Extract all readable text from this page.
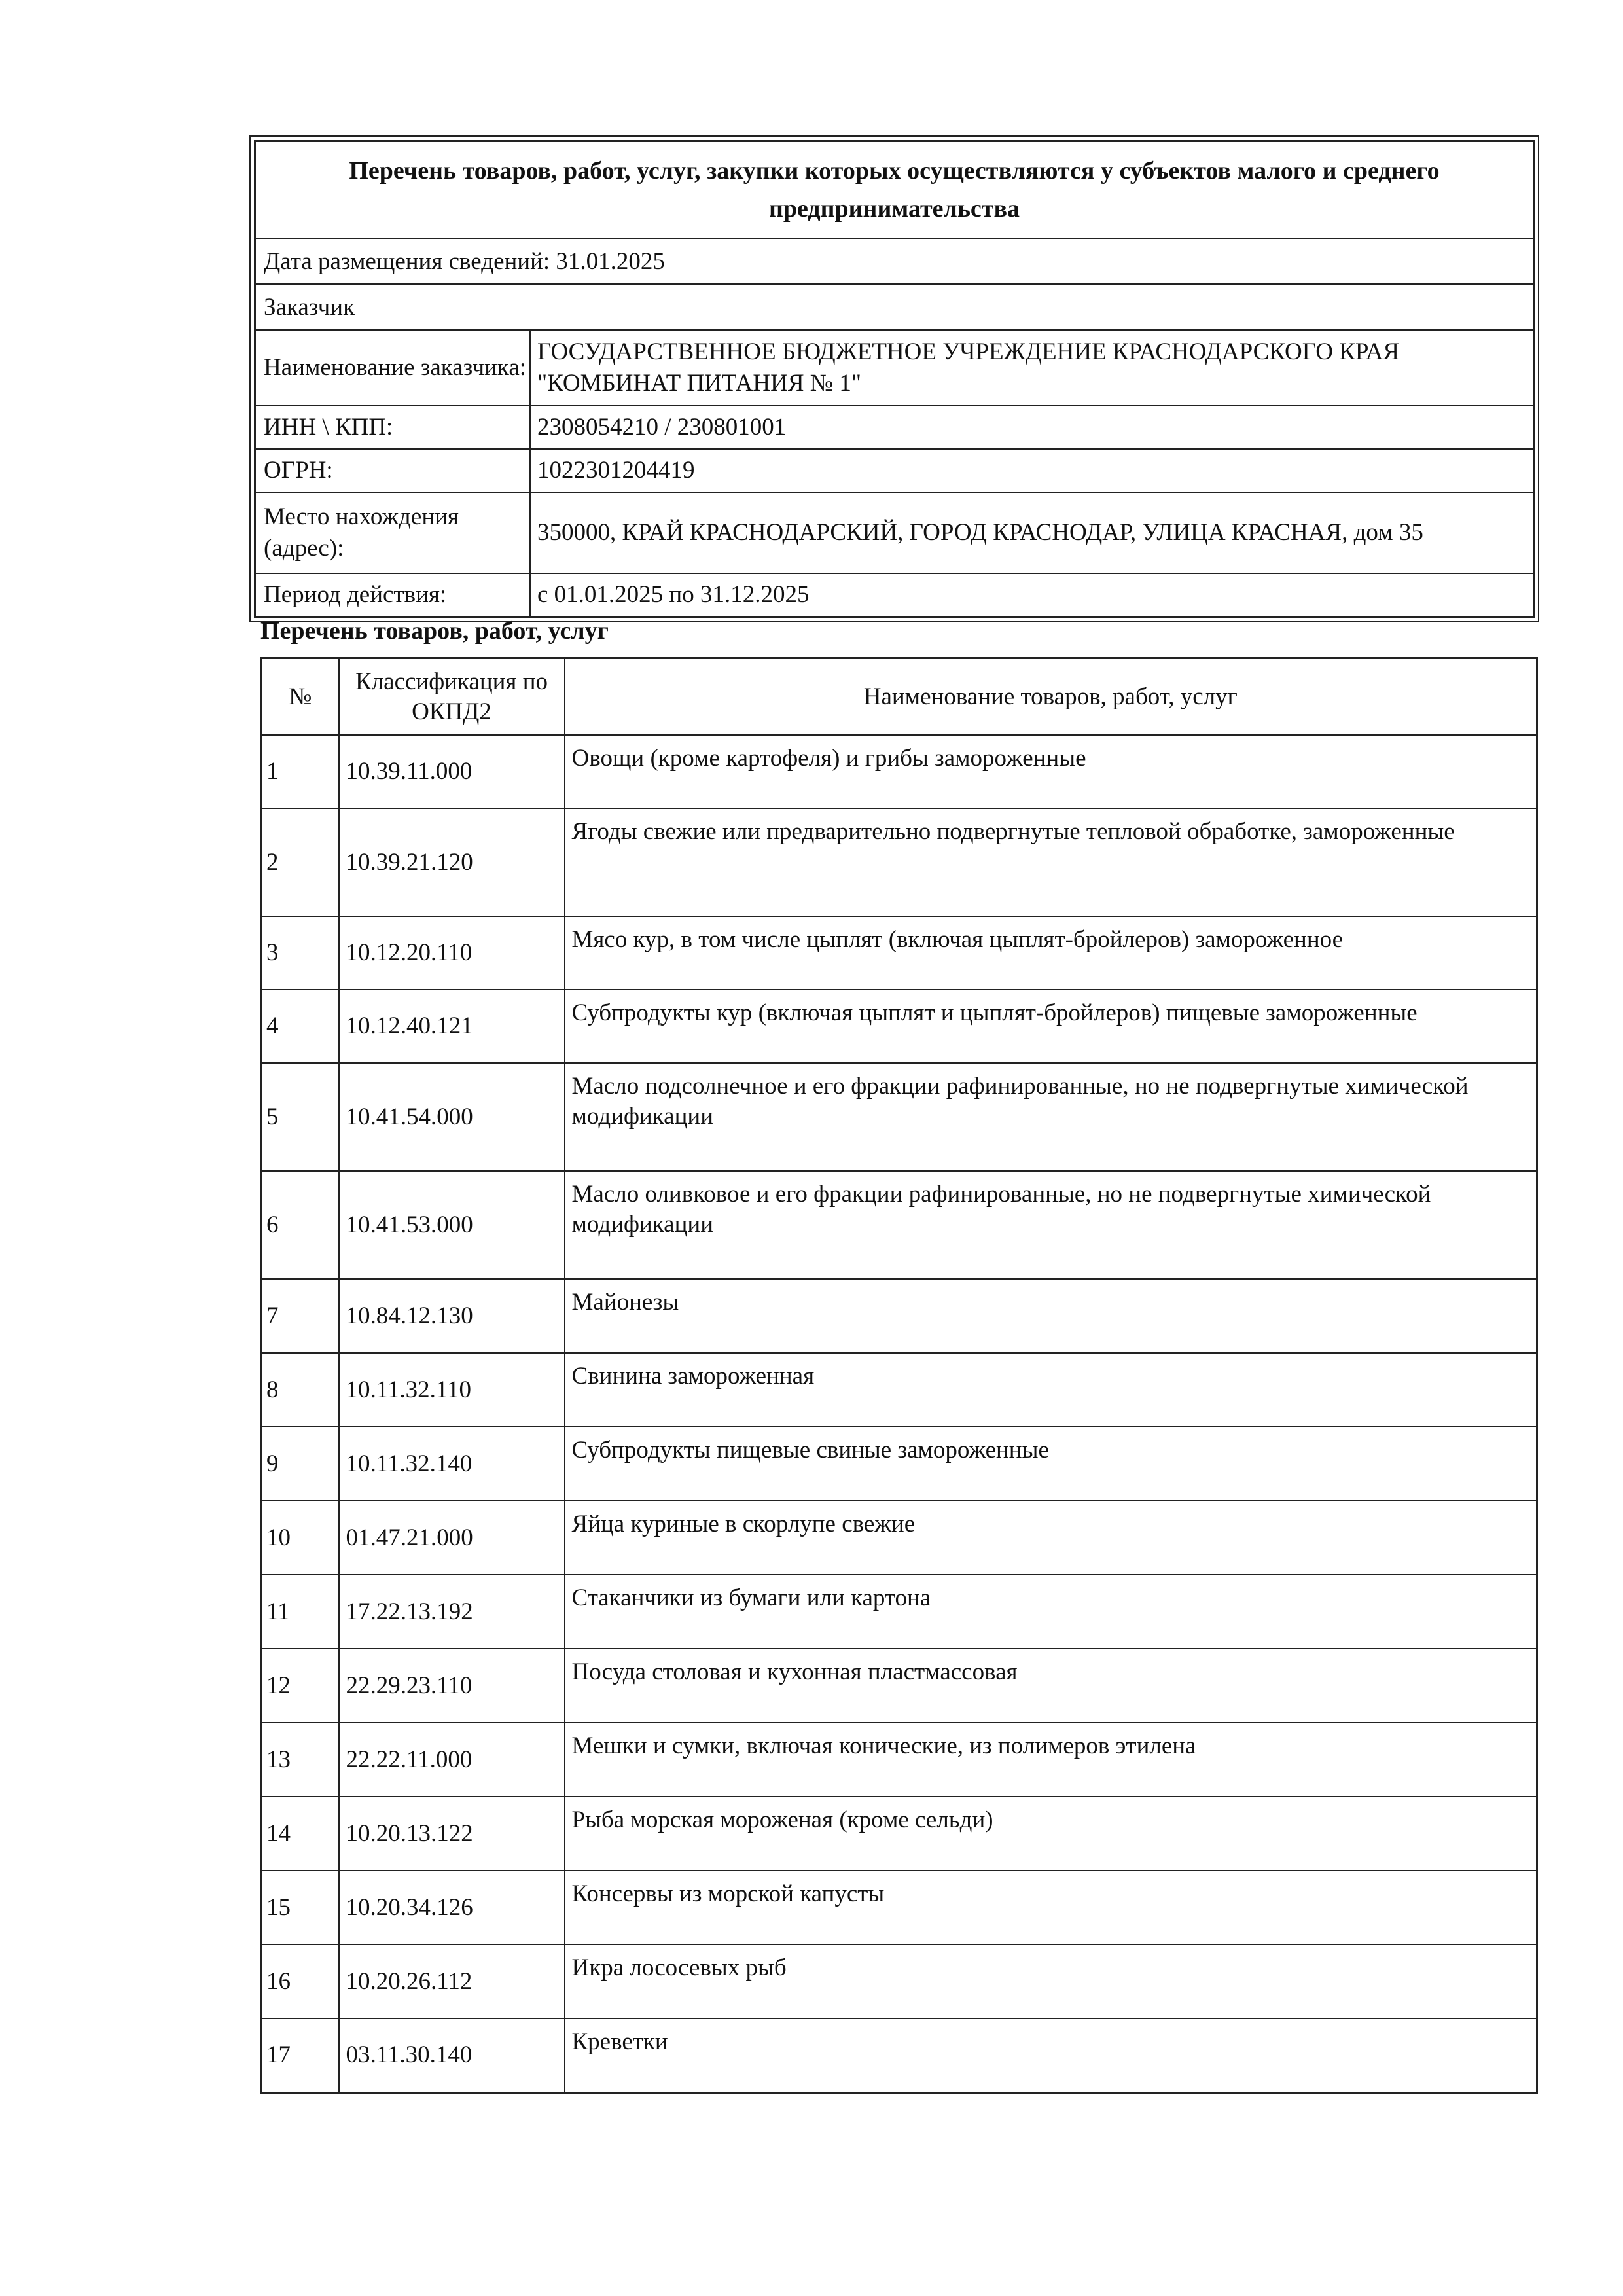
Перечень товаров, работ, услуг, закупки которых осуществляются у субъектов малого и среднего предпринимательства
Дата размещения сведений: 31.01.2025
Заказчик
Наименование заказчика:
ГОСУДАРСТВЕННОЕ БЮДЖЕТНОЕ УЧРЕЖДЕНИЕ КРАСНОДАРСКОГО КРАЯ "КОМБИНАТ ПИТАНИЯ № 1"
ИНН \ КПП:	2308054210 / 230801001
ОГРН:	1022301204419
Место нахождения (адрес):
350000, КРАЙ КРАСНОДАРСКИЙ, ГОРОД КРАСНОДАР, УЛИЦА КРАСНАЯ, дом 35
Период действия:	с 01.01.2025 по 31.12.2025
Перечень товаров, работ, услуг
№	Классификация по ОКПД2	Наименование товаров, работ, услуг
1	10.39.11.000	Овощи (кроме картофеля) и грибы замороженные
2	10.39.21.120	Ягоды свежие или предварительно подвергнутые тепловой обработке, замороженные
3	10.12.20.110	Мясо кур, в том числе цыплят (включая цыплят-бройлеров) замороженное
4	10.12.40.121	Субпродукты кур (включая цыплят и цыплят-бройлеров) пищевые замороженные
5	10.41.54.000	Масло подсолнечное и его фракции рафинированные, но не подвергнутые химической модификации
6	10.41.53.000	Масло оливковое и его фракции рафинированные, но не подвергнутые химической модификации
7	10.84.12.130	Майонезы
8	10.11.32.110	Свинина замороженная
9	10.11.32.140	Субпродукты пищевые свиные замороженные
10	01.47.21.000	Яйца куриные в скорлупе свежие
11	17.22.13.192	Стаканчики из бумаги или картона
12	22.29.23.110	Посуда столовая и кухонная пластмассовая
13	22.22.11.000	Мешки и сумки, включая конические, из полимеров этилена
14	10.20.13.122	Рыба морская мороженая (кроме сельди)
15	10.20.34.126	Консервы из морской капусты
16	10.20.26.112	Икра лососевых рыб
17	03.11.30.140	Креветки
